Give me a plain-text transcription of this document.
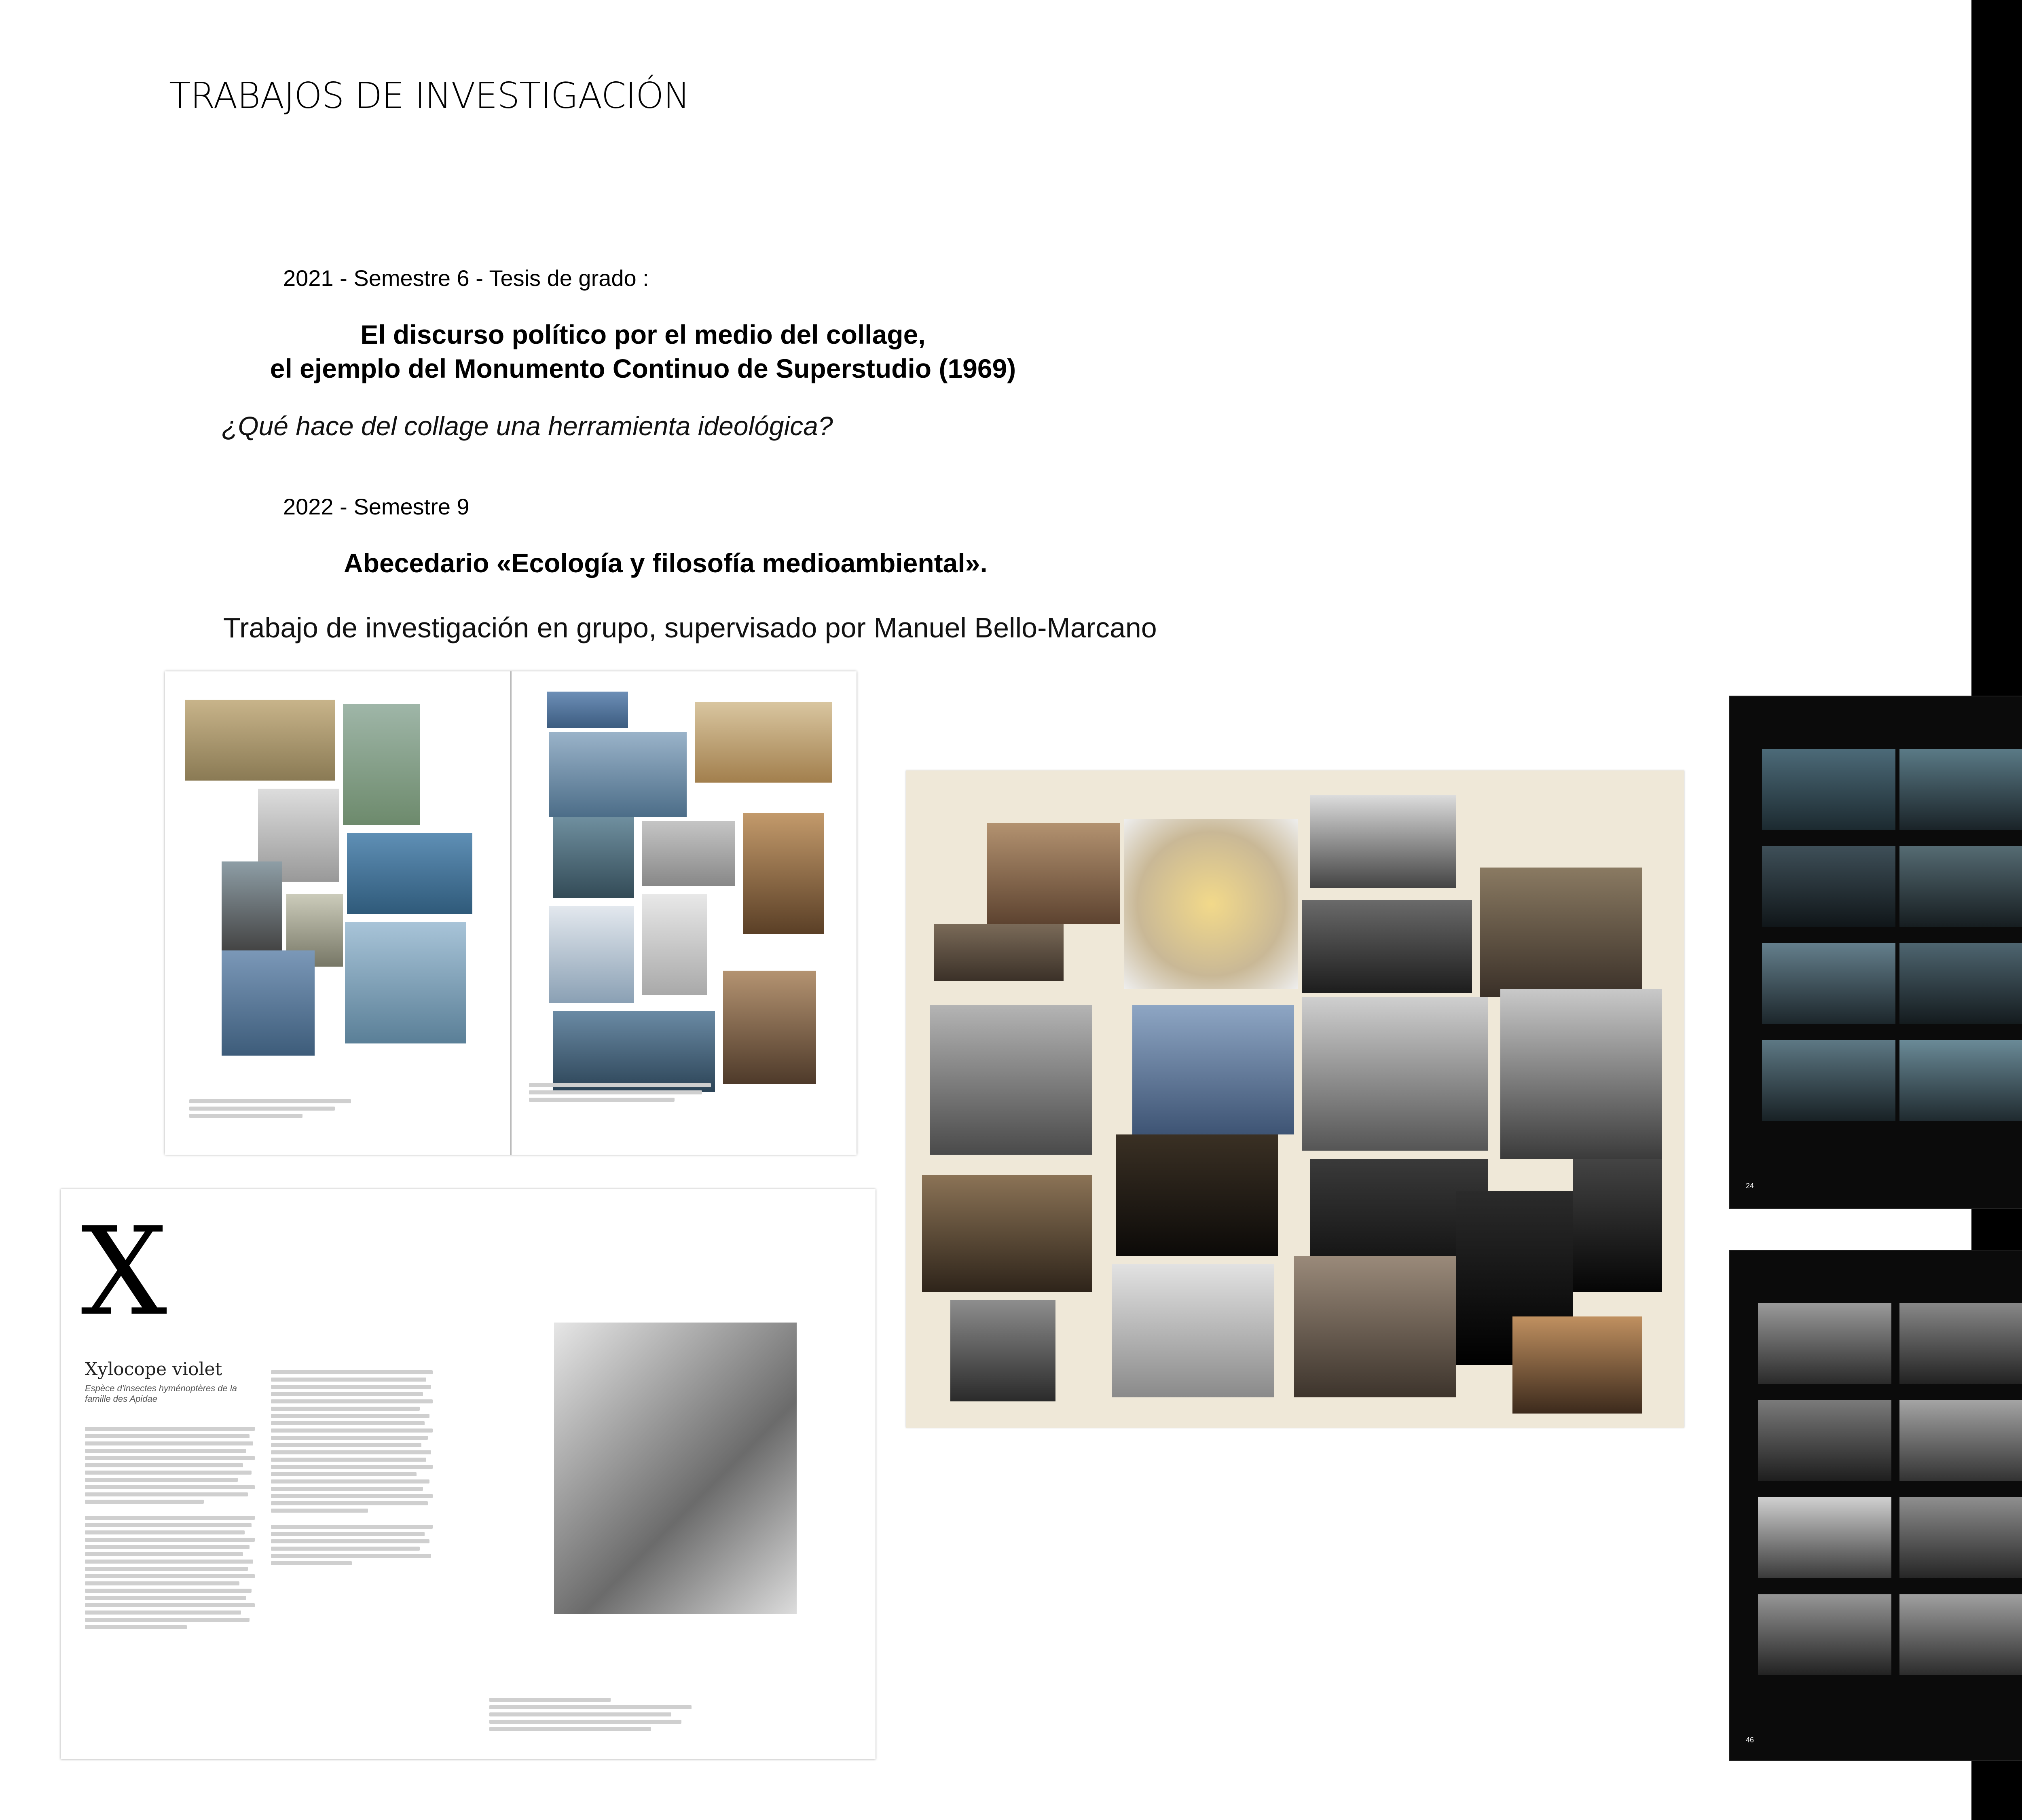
TRABAJOS DE INVESTIGACIÓN
2021 - Semestre 6 - Tesis de grado :
El discurso político por el medio del collage,
el ejemplo del Monumento Continuo de Superstudio (1969)
¿Qué hace del collage una herramienta ideológica?
2022 - Semestre 9
Abecedario «Ecología y filosofía medioambiental».
Trabajo de investigación en grupo, supervisado por Manuel Bello-Marcano
X
Xylocope violet
Espèce d'insectes hyménoptères de la famille des Apidae
24
46
